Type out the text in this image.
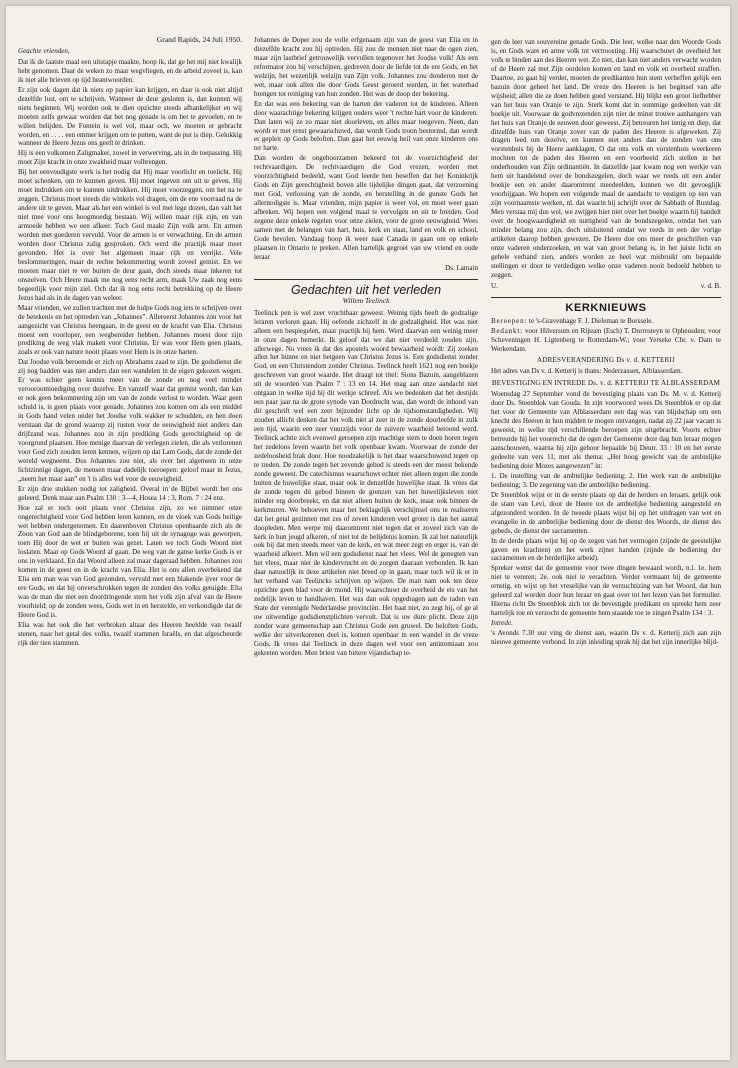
Grand Rapids, 24 Juli 1950.
Geachte vrienden,

Dat ik de laatste maal een uitstapje maakte, hoop ik, dat ge het mij niet kwalijk hebt genomen. Daar de weken zo maar wegvliegen, en de arbeid zoveel is, kan ik niet alle brieven op tijd beantwoorden.

Er zijn ook dagen dat ik niets op papier kan krijgen, en daar is ook niet altijd dezelfde lust, om te schrijven. Wanneer de deur gesloten is, dan kunnen wij niets beginnen. Wij worden ook te dien opzichte steeds afhankelijker en wij moeten zelfs gewaar worden dat het nog genade is om het te gevoelen, en te willen belijden. De Fontein is wel vol, maar och, we moeten er gebracht worden, en . . . . een emmer krijgen om te putten, want de put is diep. Gelukkig wanneer de Heere Jezus ons geeft te drinken.

Hij is een volkomen Zaligmaker, zowel in verwerving, als in de toepassing. Hij moet Zijn kracht in onze zwakheid maar volbrengen.

Bij het eenvoudigste werk is het nodig dat Hij maar voorlicht en toelicht. Hij moet schenken, om te kunnen geven. Hij moet ingeven om uit te geven. Hij moet indrukken om te kunnen uitdrukken. Hij moet voorzeggen, om het na te zeggen. Christus moet steeds die winkels vol dragen, om de ene voorraad na de andere uit te geven. Maar als het een winkel is vol met lege dozen, dan valt het niet mee voor ons hoogmoedig bestaan. Wij willen maar rijk zijn, en van armoede hebben we een afkeer. Toch God maakt Zijn volk arm. En armen worden met goederen vervuld. Voor de armen is er verwachting. En de armen worden door Christus zalig gesproken. Och werd die practijk maar meer gevonden. Het is over het algemeen maar rijk en verrijkt. Vele beslommeringen, maar de rechte bekommering wordt zoveel gemist. En we moeten maar niet te ver buiten de deur gaan, doch steeds maar inkeren tot onszelven. Och Heere maak me nog eens recht arm, maak Uw zaak nog eens begeerlijk voor mijn ziel. Och dat ik nog eens recht betrekking op de Heere Jezus had als in de dagen van weleer.

Maar vrienden, we zullen trachten met de hulpe Gods nog iets te schrijven over de betekenis en het optreden van „Johannes”. Allereerst Johannes zou voor het aangezicht van Christus heengaan, in de geest en de kracht van Elia. Christus moest een voorloper, een wegbereider hebben. Johannes moest door zijn prediking de weg vlak maken voor Christus. Er was voor Hem geen plaats, zoals er ook van nature nooit plaats voor Hem is in onze harten.

Dat Joodse volk beroemde er zich op Abrahams zaad te zijn. De godsdienst die zij nog hadden was niet anders dan een wandelen in de eigen gekozen wegen. Er was schier geen kennis meer van de zonde en nog veel minder veroorootmoediging over dezelve. En vanzelf waar dat gemist wordt, dan kan er ook geen bekommering zijn om van de zonde verlost te worden. Waar geen schuld is, is geen plaats voor genade. Johannes zou komen om als een middel in Gods hand velen onder het Joodse volk wakker te schudden, en hen doen verstaan dat de grond waarop zij rusten voor de eeuwigheid niet anders dan drijfzand was. Johannes zou in zijn prediking Gods gerechtigheid op de voorgrond plaatsen. Hoe menige daarvan de verlegen zielen, die als verlorenen voor God zich zouden leren kennen, wijzen op dat Lam Gods, dat de zonde der wereld wegneemt. Dus Johannes zou niet, als over het algemeen in onze lichtzinnige dagen, de mensen maar dadelijk toeroepen: geloof maar in Jezus, „neem het maar aan” en 't is alles wel voor de eeuwigheid.

Er zijn drie stukken nodig tot zaligheid. Overal in de Bijbel wordt het ons geleerd. Denk maar aan Psalm 130 : 3—4, Hosea 14 : 3, Rom. 7 : 24 enz.

Hoe zal er toch ooit plaats voor Christus zijn, zo we nimmer onze ongerechtigheid voor God hebben leren kennen, en de vloek van Gods heilige wet hebben ondergenomen. En daarenboven Christus openbaarde zich als de Zoon van God aan de blindgeborene, toen hij uit de synagoge was geworpen, toen Hij door de wet er buiten was gezet. Laten we toch Gods Woord niet loslaten. Maar op Gods Woord af gaan. De weg van de ganse kerke Gods is er ons in verklaard. En dat Woord alleen zal maar dageraad hebben. Johannes zou komen in de geest en in de kracht van Elia. Het is ons allen overbekend dat Elia een man was van God gezonden, vervuld met een blakende ijver voor de ere Gods, en dat hij onverschrokken tegen de zonden des volks getuigde. Elia was de man die met een doordringende stem het volk zijn afval van de Heere voorhield; op de zonden wees, Gods wet in en herstelde, en verkondigde dat de Heere God is.

Elia was het ook die het verbroken altaar des Heeren heeldde van twaalf stenen, naar het getal des volks, twaalf stammen Israëls, en dat afgescheurde rijk der tien stammen.

Johannes de Doper zou de volle erfgenaam zijn van de geest van Elia en in diezelfde kracht zou hij optreden. Hij zou de mensen niet naar de ogen zien, maar zijn lastbrief getrouwelijk vervullen tegenover het Joodse volk! Als een reformator zou hij verschijnen, gedreven door de liefde tot de ere Gods, en het welzijn, het wezenlijk welzijn van Zijn volk. Johannes zou donderen met de wet, maar ook allen die door Gods Geest geroerd werden, in het waterbad brengen tot reiniging van hun zonden. Het was de doop der bekering.

En dat was een bekering van de harten der vaderen tot de kinderen. Alleen door waarachtige bekering krijgen ouders weer 't rechte hart voor de kinderen. Dan laten wij ze zo maar niet doorleven, en alles maar toegeven. Neen, dan wordt er met ernst gewaarschuwd, dan wordt Gods troon bestormd, dan wordt er gepleit op Gods beloften. Dan gaat het eeuwig heil van onze kinderen ons ter harte.

Dan worden de ongehoorzamen bekeerd tot de voorzichtigheid der rechtvaardigen. De rechtvaardigen die God vrezen, worden met voorzichtigheid bedeeld, want God leerde hen beseffen dat het Koninkrijk Gods en Zijn gerechtigheid boven alle tijdelijke dingen gaat, dat verzoening met God, verlossing van de zonde, en herstelling in de gunste Gods het allernodigste is. Maar vrienden, mijn papier is weer vol, en moet weer gaan afbreken. Wij hopen een volgend maal te vervolgen en uit te breiden. God zegene deze enkele regelen voor onze zielen, voor de grote eeuwigheid. Wees samen met de belangen van hart, huis, kerk en staat, land en volk en school, Gode bevolen. Vandaag hoop ik weer naar Canada te gaan om op enkele plaatsen in Ontario te preken. Allen hartelijk gegroet van uw vriend en oude leraar

Ds. Lamain
Gedachten uit het verleden
Willem Teelinck

Teelinck pen is wel zeer vruchtbaar geweest. Weinig tijds heeft de godzalige leraren verloren gaan. Hij oefende zichzelf in de godzaligheid. Het was niet alleen een bespiegelen, maar practijk bij hem. Werd daarvan een weinig meer in onze dagen bemerkt. Ik geloof dat we dan niet verdeeld zouden zijn, allerwege. Nu vrees ik dat des apostels woord bewaarheid wordt: Zij zoeken allen het hunne en niet hetgeen van Christus Jezus is. Een godsdienst zonder God, en een Christendom zonder Christus. Teelinck heeft 1621 nog een boekje geschreven van groot waarde. Het draagt tot titel: Sions Bazuin, aangeblazen uit de woorden van Psalm 7 : 13 en 14. Het mag aan onze aandacht niet ontgaan in welke tijd hij dit werkje schreef. Als we bedenken dat het destijds een paar jaar na de grote synode van Dordrecht was, dan wordt de inhoud van dit geschrift wel een zeer bijzonder licht op de tijdsomstandigheden. Wij zouden allicht denken dat het volk niet al zeer in de zonde doorleefde in zulk een tijd, waarin een zeer vuurzijds voor de zuivere waarheid betoond werd. Teelinck achtte zich evenwel geroepen zijn machtige stem te doen horen tegen het zedeloos leven waarin het volk openbaar kwam. Voorwaar de zonde der zedeloosheid brak door. Hoe noodzakelijk is het daar waarschuwend tegen op te treden. De zonde tegen het zevende gebod is steeds een der meest bekende zonde geweest. De catechismus waarschuwt echter niet alleen tegen die zonde buiten de huwelijke staat, maar ook in denzelfde huwelijke staat. Ik vrees dat de zonde tegen dit gebod binnen de grenzen van het huwelijksleven niet minder erg doorbreekt, en dat niet alleen buiten de kerk, maar ook binnen de kerkmuren. We behoeven maar het beklagelijk verschijnsel ons te realiseren dat het getal gezinnen met zes of zeven kinderen veel groter is dan het aantal doopleden. Men werpe mij daaromtrent niet tegen dat er zoveel zich van de kerk in hun jeugd afkeren, of niet tot de belijdenis komen. Ik zal het natuurlijk ook bij dat men steeds meer van de kerk, en wat meer zegt en erger is, van de waarheid afkeert. Men wil een godsdienst naar het vlees. Wel de genegten van het vlees, maar niet de kindervrucht en de zorgen daaraan verbonden. Ik kan daar natuurlijk in deze artikelen niet breed op in gaan, maar toch wil ik er in het verband van Teelincks schrijven op wijzen. De man nam ook ten deze opzichte geen blad voor de mond. Hij waarschuwt de overheid de eis van het zedelijk leven te handhaven. Het was dan ook opgedragen aan de raden van State der verenigde Nederlandse provinciën. Het baat niet, zo zegt hij, of ge al uw uitwendige godsdienstplichten vervult. Dat is uw dure plicht. Deze zijn zonder ware gemeenschap aan Christus Gode een gruwel. De beloften Gods, welke der uitverkorenen deel is, komen openbaar in een wandel in de vreze Gods. Ik vrees dat Teelinck in deze dagen wel voor een antinomiaan zou gekreten worden. Men briest van bittere vijandschap te-

gen de leer van souvereine genade Gods. Die leer, welke naar den Woorde Gods is, en Gods ware en arme volk tot vertroosting. Hij waarschuwt de overheid het volk te binden aan des Heeren wet. Zo niet, dan kan niet anders verwacht worden of de Heere zal met Zijn oordelen komen en land en volk en overheid straffen. Daartoe, zo gaat hij verder, moeten de predikanten hun stem verheffen gelijk een bazuin door geheel het land. De vreze des Heeren is het beginsel van alle wijsheid; allen die ze doen hebben goed verstand. Hij blijkt een groot liefhebber van het huis van Oranje te zijn. Sterk komt dat in sommige gedeelten van dit boekje uit. Voorwaar de godvrezenden zijn niet de minst trouwe aanhangers van het huis van Oranje de eeuwen door geweest. Zij betreuren het innig en diep, dat ditzelfde huis van Oranje zover van de paden des Heeren is afgeweken. Zij dragen leed om dezelve, en kunnen niet anders dan de zonden van ons vorstenhuis bij de Heere aanklagen. O dat ons volk en vorstenhuis weerkeren mochten tot de paden des Heeren en een voorbeeld zich stellen in het onderhouden van Zijn ordinantiën. In datzelfde jaar kwam nog een werkje van hem uit handelend over de bondszegelen, doch waar we reeds uit een ander boekje een en ander daaromtrent meedeelden, kunnen we dit gevoeglijk voorbijgaan. We hopen een volgende maal de aandacht te vestigen op een van zijn voornaamste werken, nl. dat waarin hij schrijft over de Sabbath of Rustdag. Men verstaa mij dus wel, we zwijgen hier niet over het boekje waarin hij handelt over de hoogwaardigheid en nuttigheid van de bondszegelen, omdat het van minder belang zou zijn, doch uitsluitend omdat we reeds in een der vorige artikelen daarop hebben gewezen. De Heere doe ons meer de geschriften van onze vaderen onderzoeken, en wat van groot belang is, in het juiste licht en gehele verband zien, anders worden ze heel wat misbruikt om bepaalde stellingen er door te verdedigen welke onze vaderen nooit bedoeld hebben te zeggen.

U.	v. d. B.
KERKNIEUWS

Beroepen: te 's-Gravenhage F. J. Dieleman te Borssele.

Bedankt: voor Hilversum en Rijssen (Esch) T. Dorresteyn te Opheusden; voor Scheveningen H. Ligtenberg te Rotterdam-W.; voor Yerseke Chr. v. Dam te Werkendam.

ADRESVERANDERING Ds v. d. KETTERIJ

Het adres van Ds v. d. Ketterij is thans: Nederzassen, Alblasserdam.

BEVESTIGING EN INTREDE Ds. v. d. KETTERIJ TE ALBLASSERDAM

Woensdag 27 September vond de bevestiging plaats van Ds. M. v. d. Ketterij door Ds. Steenblok van Gouda. In zijn voorwoord wees Ds Steenblok er op dat het voor de Gemeente van Alblasserdam een dag was van blijdschap om een knecht des Heeren in hun midden te mogen ontvangen, nadat zij 22 jaar vacant is geweest, in welke tijd verschillende beroepen zijn uitgebracht. Voorts echter betreurde hij het voorrecht dat de ogen der Gemeente deze dag hun leraar mogen aanschouwen, waarna hij zijn gehoor bepaalde bij Deutr. 33 : 10 en het eerste gedeelte van vers 11, met als thema: „Het hoog gewicht van de ambtelijke bediening door Mozes aangewezen” in:

1. De instelling van de ambtelijke bediening; 2. Het werk van de ambtelijke bediening; 3. De zegening van die ambtelijke bediening.

Dr Steenblok wijst er in de eerste plaats op dat de herders en leraars, gelijk ook de stam van Levi, door de Heere tot de ambtelijke bediening aangesteld en afgezonderd worden. In de tweede plaats wijst hij op het uitdragen van wet en evangelie in de ambtelijke bediening door de dienst des Woords, de dienst des gebeds, de dienst der sacramenten.

In de derde plaats wijst hij op de zegen van het vermogen (zijnde de geestelijke gaven en krachten) en het werk zijner handen (zijnde de bediening der sacramenten en de herderlijke arbeid).

Spreker wenst dat de gemeente voor twee dingen bewaard wordt, n.l. 1e. hem niet te vereren; 2e. ook niet te verachten. Verder vermaant hij de gemeente ernstig, en wijst op het vreselijke van de verzuchtizing van het Woord, dat hun geleerd zal worden door hun leraar en gaat over tot het lezen van het formulier. Hierna richt Ds Steenblok zich tot de bevestigde predikant en spreekt hem zeer hartelijk toe en verzocht de gemeente hem staande toe te zingen Psalm 134 : 3.

Intrede.

's Avonds 7.30 uur ving de dienst aan, waarin Ds v. d. Ketterij zich aan zijn nieuwe gemeente verbond. In zijn inleiding sprak hij dat het zijn innerlijke blijd-
